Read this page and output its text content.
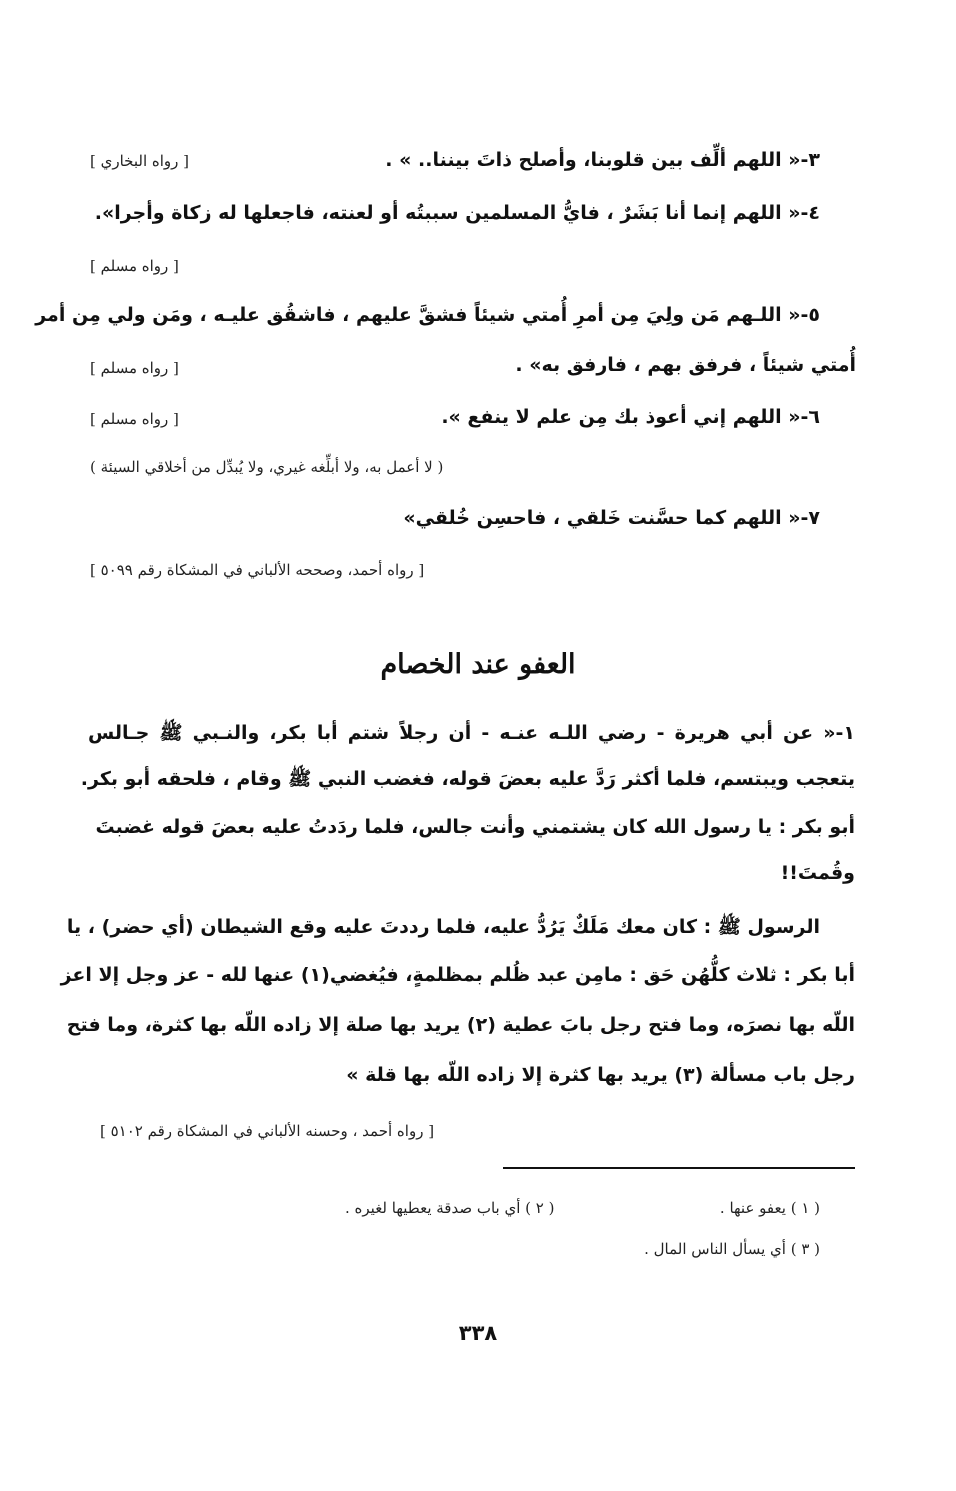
٣-« اللهم ألِّف بين قلوبنا، وأصلح ذاتَ بيننا.. » .
[ رواه البخاري ]
٤-« اللهم إنما أنا بَشَرٌ ، فايُّ المسلمين سببتُه أو لعنته، فاجعلها له زكاة وأجرا».
[ رواه مسلم ]
٥-« اللـهم مَن ولِيَ مِن أمرِ أُمتي شيئاً فشقَّ عليهم ، فاشقُق عليـه ، ومَن ولي مِن أمر
أُمتي شيئاً ، فرفق بهم ، فارفق به» .
[ رواه مسلم ]
٦-« اللهم إني أعوذ بك مِن علم لا ينفع ».
[ رواه مسلم ]
( لا أعمل به، ولا أبلِّغه غيري، ولا يُبدِّل من أخلاقي السيئة )
٧-« اللهم كما حسَّنت خَلقي ، فاحسِن خُلقي»
[ رواه أحمد، وصححه الألباني في المشكاة رقم ٥٠٩٩ ]
العفو عند الخصام
١-« عن أبي هريرة - رضي اللـه عنـه - أن رجلاً شتم أبا بكر، والنـبي ﷺ جـالس
يتعجب ويبتسم، فلما أكثر رَدَّ عليه بعضَ قوله، فغضب النبي ﷺ وقام ، فلحقه أبو بكر.
أبو بكر : يا رسول الله كان يشتمني وأنت جالس، فلما ردَدتُ عليه بعضَ قوله غضبتَ
وقُمتَ!!
الرسول ﷺ : كان معك مَلَكٌ يَرُدُّ عليه، فلما رددتَ عليه وقع الشيطان (أي حضر) ، يا
أبا بكر : ثلاث كلُّهُن حَق : مامِن عبد ظُلم بمظلمةٍ، فيُغضي(١) عنها لله - عز وجل إلا اعز
اللّه بها نصرَه، وما فتح رجل بابَ عطية (٢) يريد بها صلة إلا زاده اللّه بها كثرة، وما فتح
رجل باب مسألة (٣) يريد بها كثرة إلا زاده اللّه بها قلة »
[ رواه أحمد ، وحسنه الألباني في المشكاة رقم ٥١٠٢ ]
( ١ ) يعفو عنها .
( ٢ ) أي باب صدقة يعطيها لغيره .
( ٣ ) أي يسأل الناس المال .
٣٣٨
